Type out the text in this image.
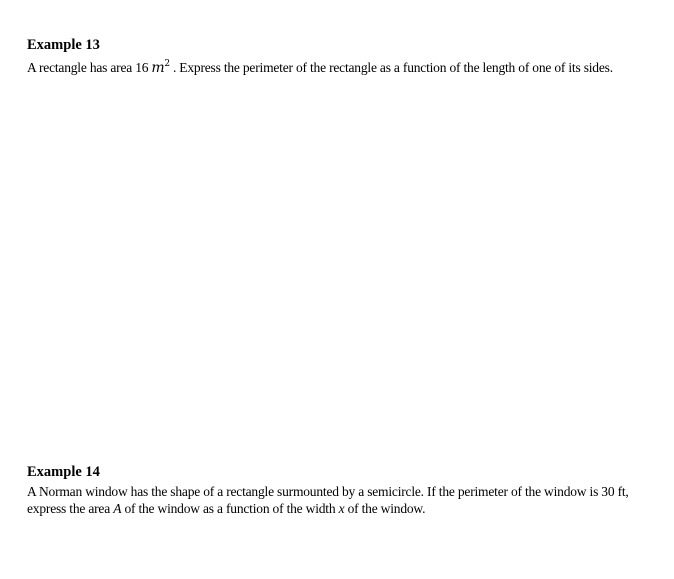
Example 13

A rectangle has area 16 $m^2$ . Express the perimeter of the rectangle as a function of the length of one of its sides.

Example 14

A Norman window has the shape of a rectangle surmounted by a semicircle. If the perimeter of the window is 30 ft, express the area A of the window as a function of the width x of the window.
